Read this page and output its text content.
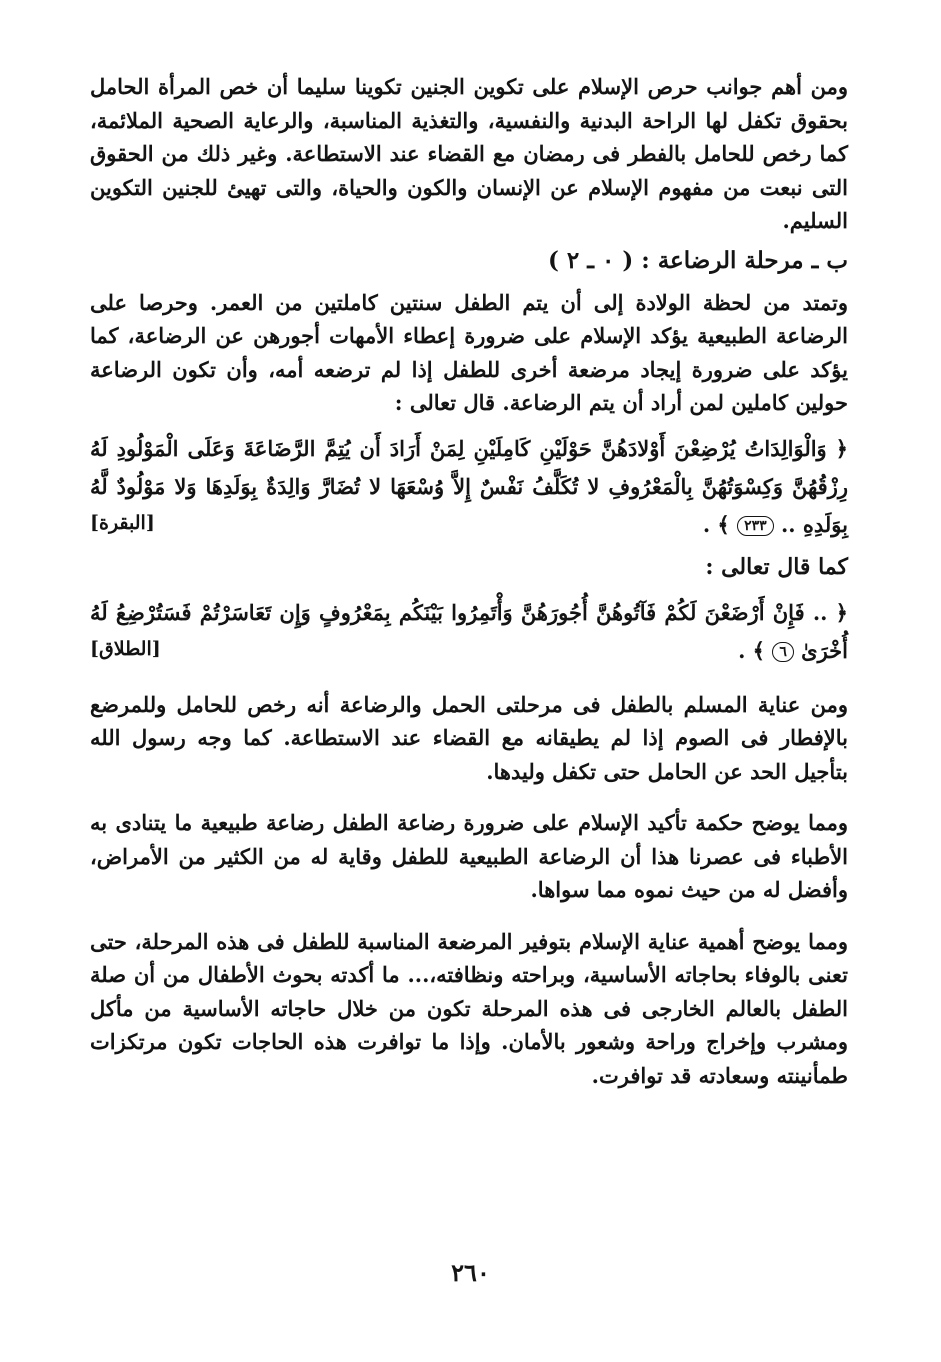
ومن أهم جوانب حرص الإسلام على تكوين الجنين تكوينا سليما أن خص المرأة الحامل بحقوق تكفل لها الراحة البدنية والنفسية، والتغذية المناسبة، والرعاية الصحية الملائمة، كما رخص للحامل بالفطر فى رمضان مع القضاء عند الاستطاعة. وغير ذلك من الحقوق التى نبعت من مفهوم الإسلام عن الإنسان والكون والحياة، والتى تهيئ للجنين التكوين السليم.

ب ـ مرحلة الرضاعة : ( ٠ ـ ٢ )

وتمتد من لحظة الولادة إلى أن يتم الطفل سنتين كاملتين من العمر. وحرصا على الرضاعة الطبيعية يؤكد الإسلام على ضرورة إعطاء الأمهات أجورهن عن الرضاعة، كما يؤكد على ضرورة إيجاد مرضعة أخرى للطفل إذا لم ترضعه أمه، وأن تكون الرضاعة حولين كاملين لمن أراد أن يتم الرضاعة. قال تعالى :

﴿ وَالْوَالِدَاتُ يُرْضِعْنَ أَوْلادَهُنَّ حَوْلَيْنِ كَامِلَيْنِ لِمَنْ أَرَادَ أَن يُتِمَّ الرَّضَاعَةَ وَعَلَى الْمَوْلُودِ لَهُ رِزْقُهُنَّ وَكِسْوَتُهُنَّ بِالْمَعْرُوفِ لا تُكَلَّفُ نَفْسٌ إِلاَّ وُسْعَهَا لا تُضَارَّ وَالِدَةٌ بِوَلَدِهَا وَلا مَوْلُودٌ لَّهُ بِوَلَدِهِ .. ٢٣٣ ﴾ .
[البقرة]
كما قال تعالى :
﴿ .. فَإِنْ أَرْضَعْنَ لَكُمْ فَآتُوهُنَّ أُجُورَهُنَّ وَأْتَمِرُوا بَيْنَكُم بِمَعْرُوفٍ وَإِن تَعَاسَرْتُمْ فَسَتُرْضِعُ لَهُ أُخْرَىٰ ٦ ﴾ .
[الطلاق]

ومن عناية المسلم بالطفل فى مرحلتى الحمل والرضاعة أنه رخص للحامل وللمرضع بالإفطار فى الصوم إذا لم يطيقانه مع القضاء عند الاستطاعة. كما وجه رسول الله بتأجيل الحد عن الحامل حتى تكفل وليدها.

ومما يوضح حكمة تأكيد الإسلام على ضرورة رضاعة الطفل رضاعة طبيعية ما يتنادى به الأطباء فى عصرنا هذا أن الرضاعة الطبيعية للطفل وقاية له من الكثير من الأمراض، وأفضل له من حيث نموه مما سواها.

ومما يوضح أهمية عناية الإسلام بتوفير المرضعة المناسبة للطفل فى هذه المرحلة، حتى تعنى بالوفاء بحاجاته الأساسية، وبراحته ونظافته،... ما أكدته بحوث الأطفال من أن صلة الطفل بالعالم الخارجى فى هذه المرحلة تكون من خلال حاجاته الأساسية من مأكل ومشرب وإخراج وراحة وشعور بالأمان. وإذا ما توافرت هذه الحاجات تكون مرتكزات طمأنينته وسعادته قد توافرت.

٢٦٠
